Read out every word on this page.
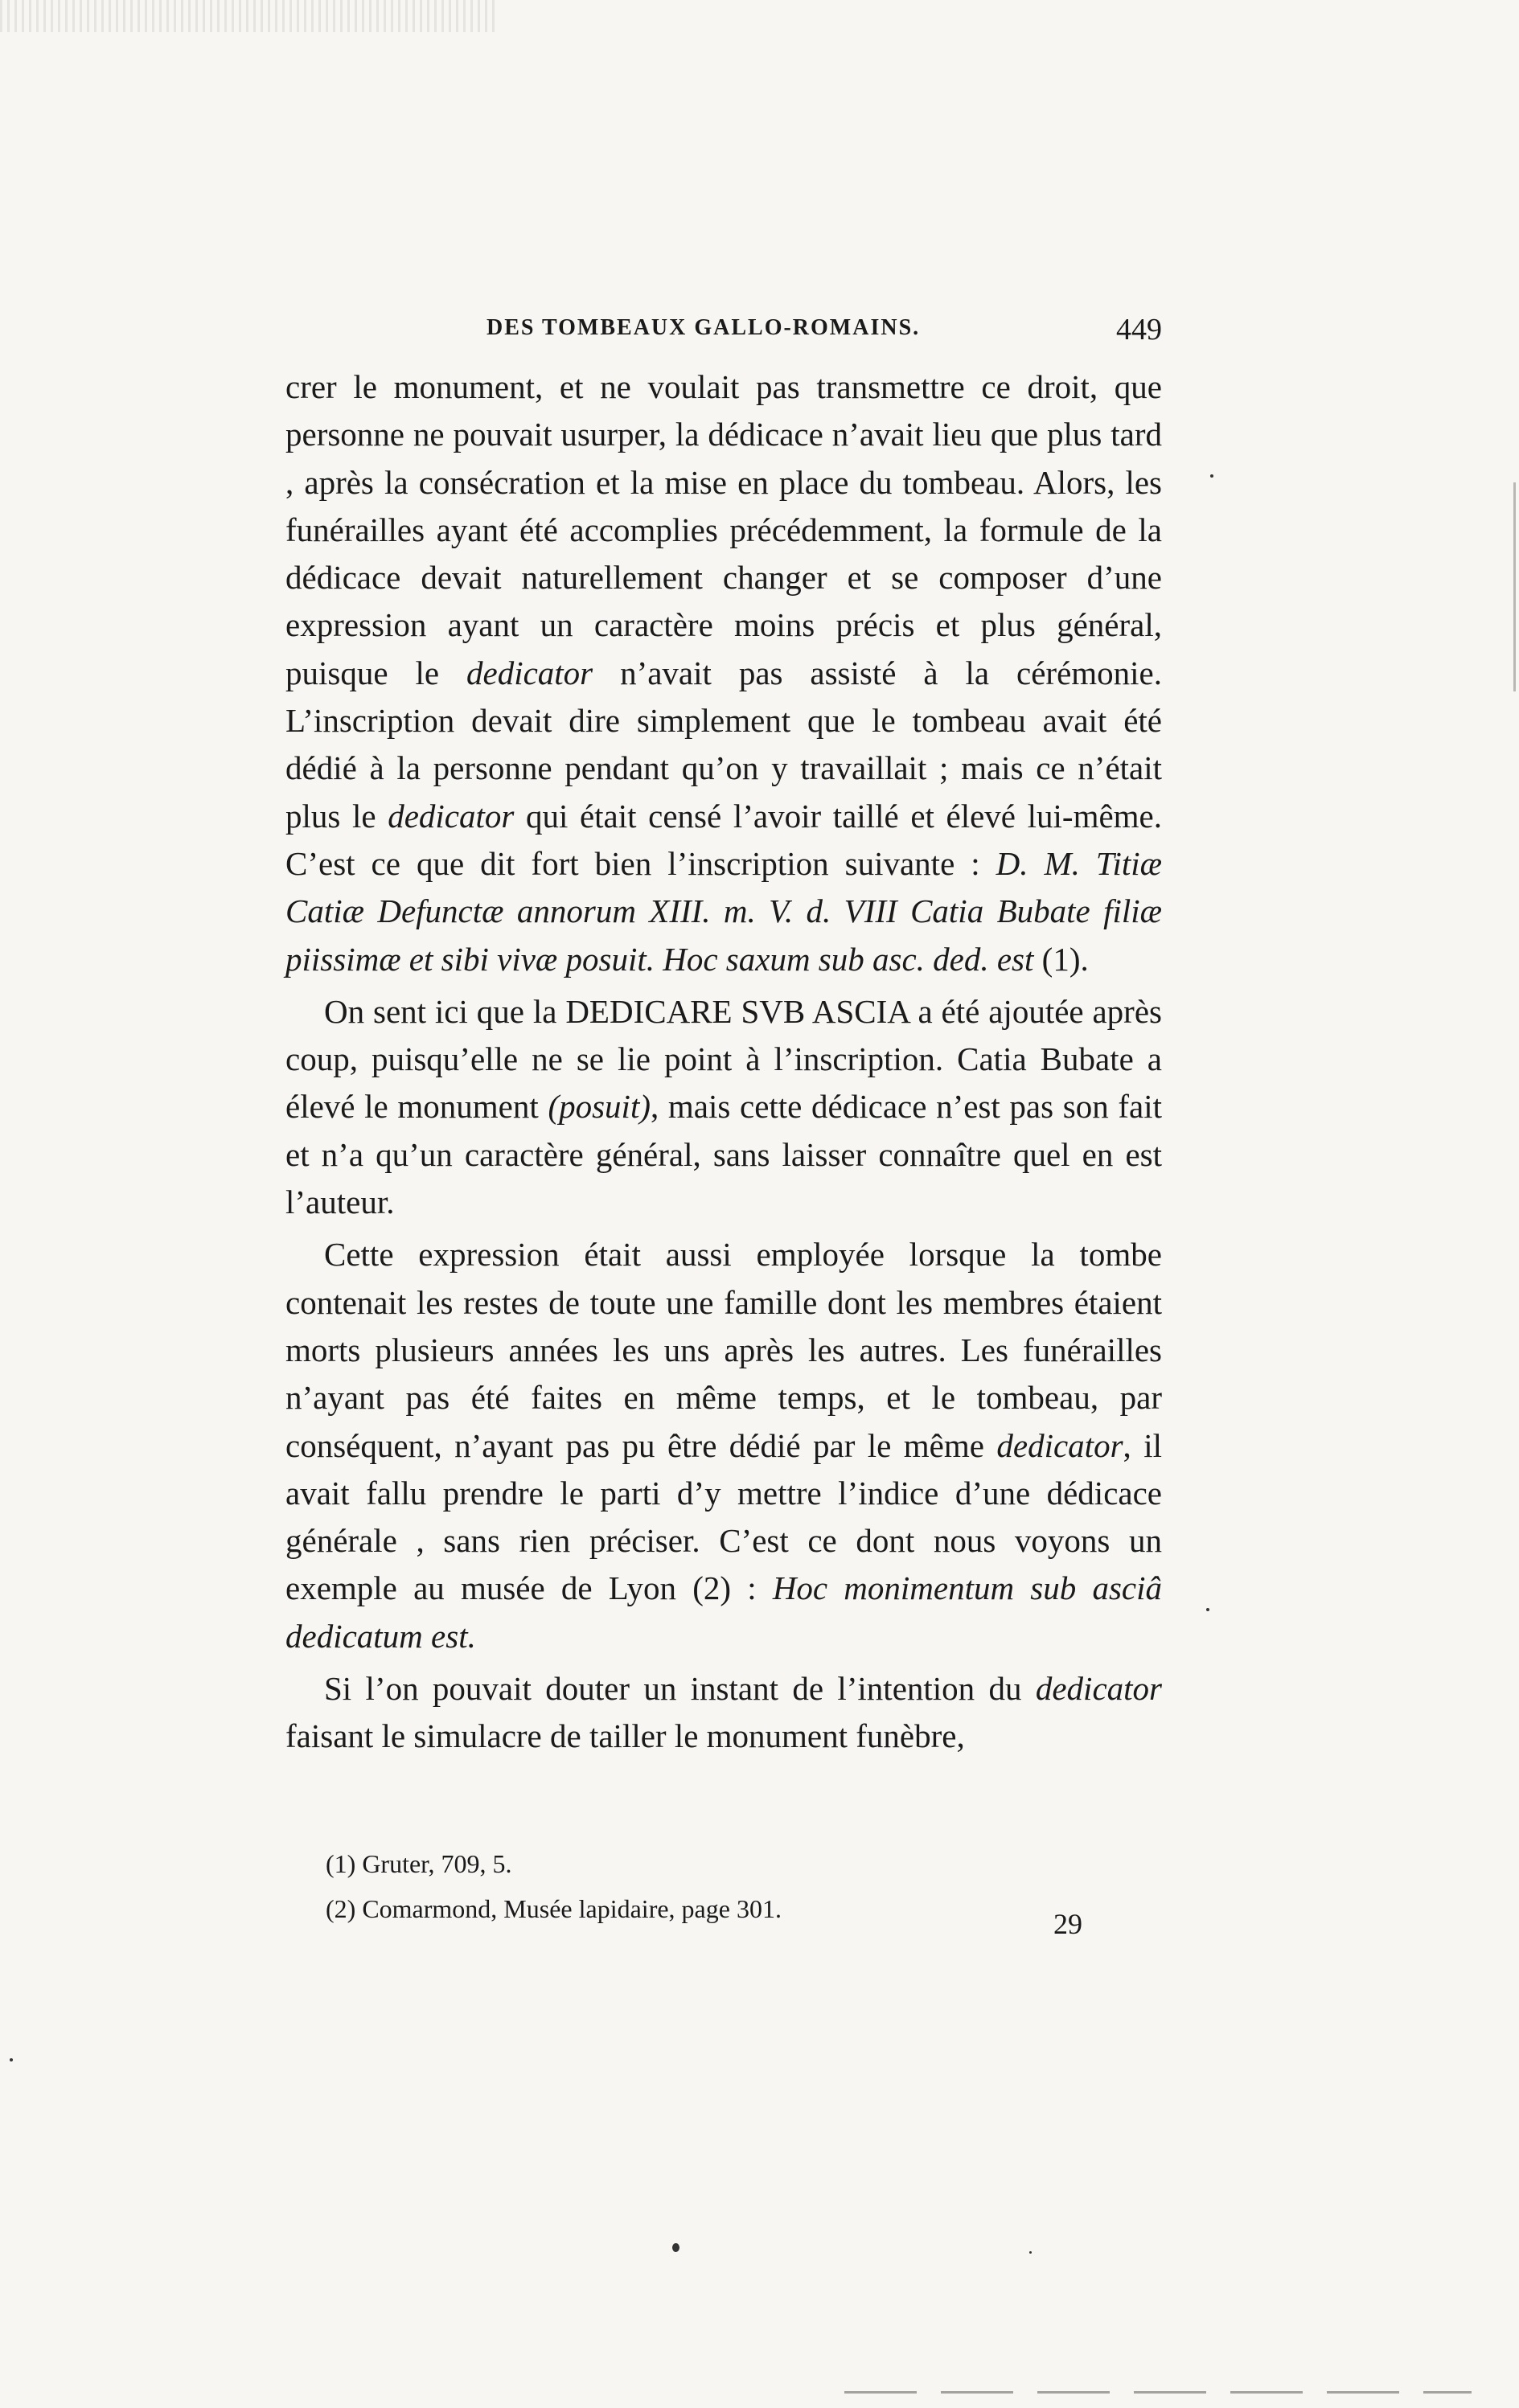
DES TOMBEAUX GALLO-ROMAINS.	449

crer le monument, et ne voulait pas transmettre ce droit, que personne ne pouvait usurper, la dédicace n’avait lieu que plus tard , après la consécration et la mise en place du tombeau. Alors, les funérailles ayant été accomplies précédemment, la formule de la dédicace devait naturellement changer et se composer d’une expression ayant un caractère moins précis et plus général, puisque le dedicator n’avait pas assisté à la cérémonie. L’inscription devait dire simplement que le tombeau avait été dédié à la personne pendant qu’on y travaillait ; mais ce n’était plus le dedicator qui était censé l’avoir taillé et élevé lui-même. C’est ce que dit fort bien l’inscription suivante : D. M. Titiæ Catiæ Defunctæ annorum XIII. m. V. d. VIII Catia Bubate filiæ piissimæ et sibi vivæ posuit. Hoc saxum sub asc. ded. est (1).

On sent ici que la DEDICARE SVB ASCIA a été ajoutée après coup, puisqu’elle ne se lie point à l’inscription. Catia Bubate a élevé le monument (posuit), mais cette dédicace n’est pas son fait et n’a qu’un caractère général, sans laisser connaître quel en est l’auteur.

Cette expression était aussi employée lorsque la tombe contenait les restes de toute une famille dont les membres étaient morts plusieurs années les uns après les autres. Les funérailles n’ayant pas été faites en même temps, et le tombeau, par conséquent, n’ayant pas pu être dédié par le même dedicator, il avait fallu prendre le parti d’y mettre l’indice d’une dédicace générale , sans rien préciser. C’est ce dont nous voyons un exemple au musée de Lyon (2) : Hoc monimentum sub asciâ dedicatum est.

Si l’on pouvait douter un instant de l’intention du dedicator faisant le simulacre de tailler le monument funèbre,

(1) Gruter, 709, 5.
(2) Comarmond, Musée lapidaire, page 301.	29
